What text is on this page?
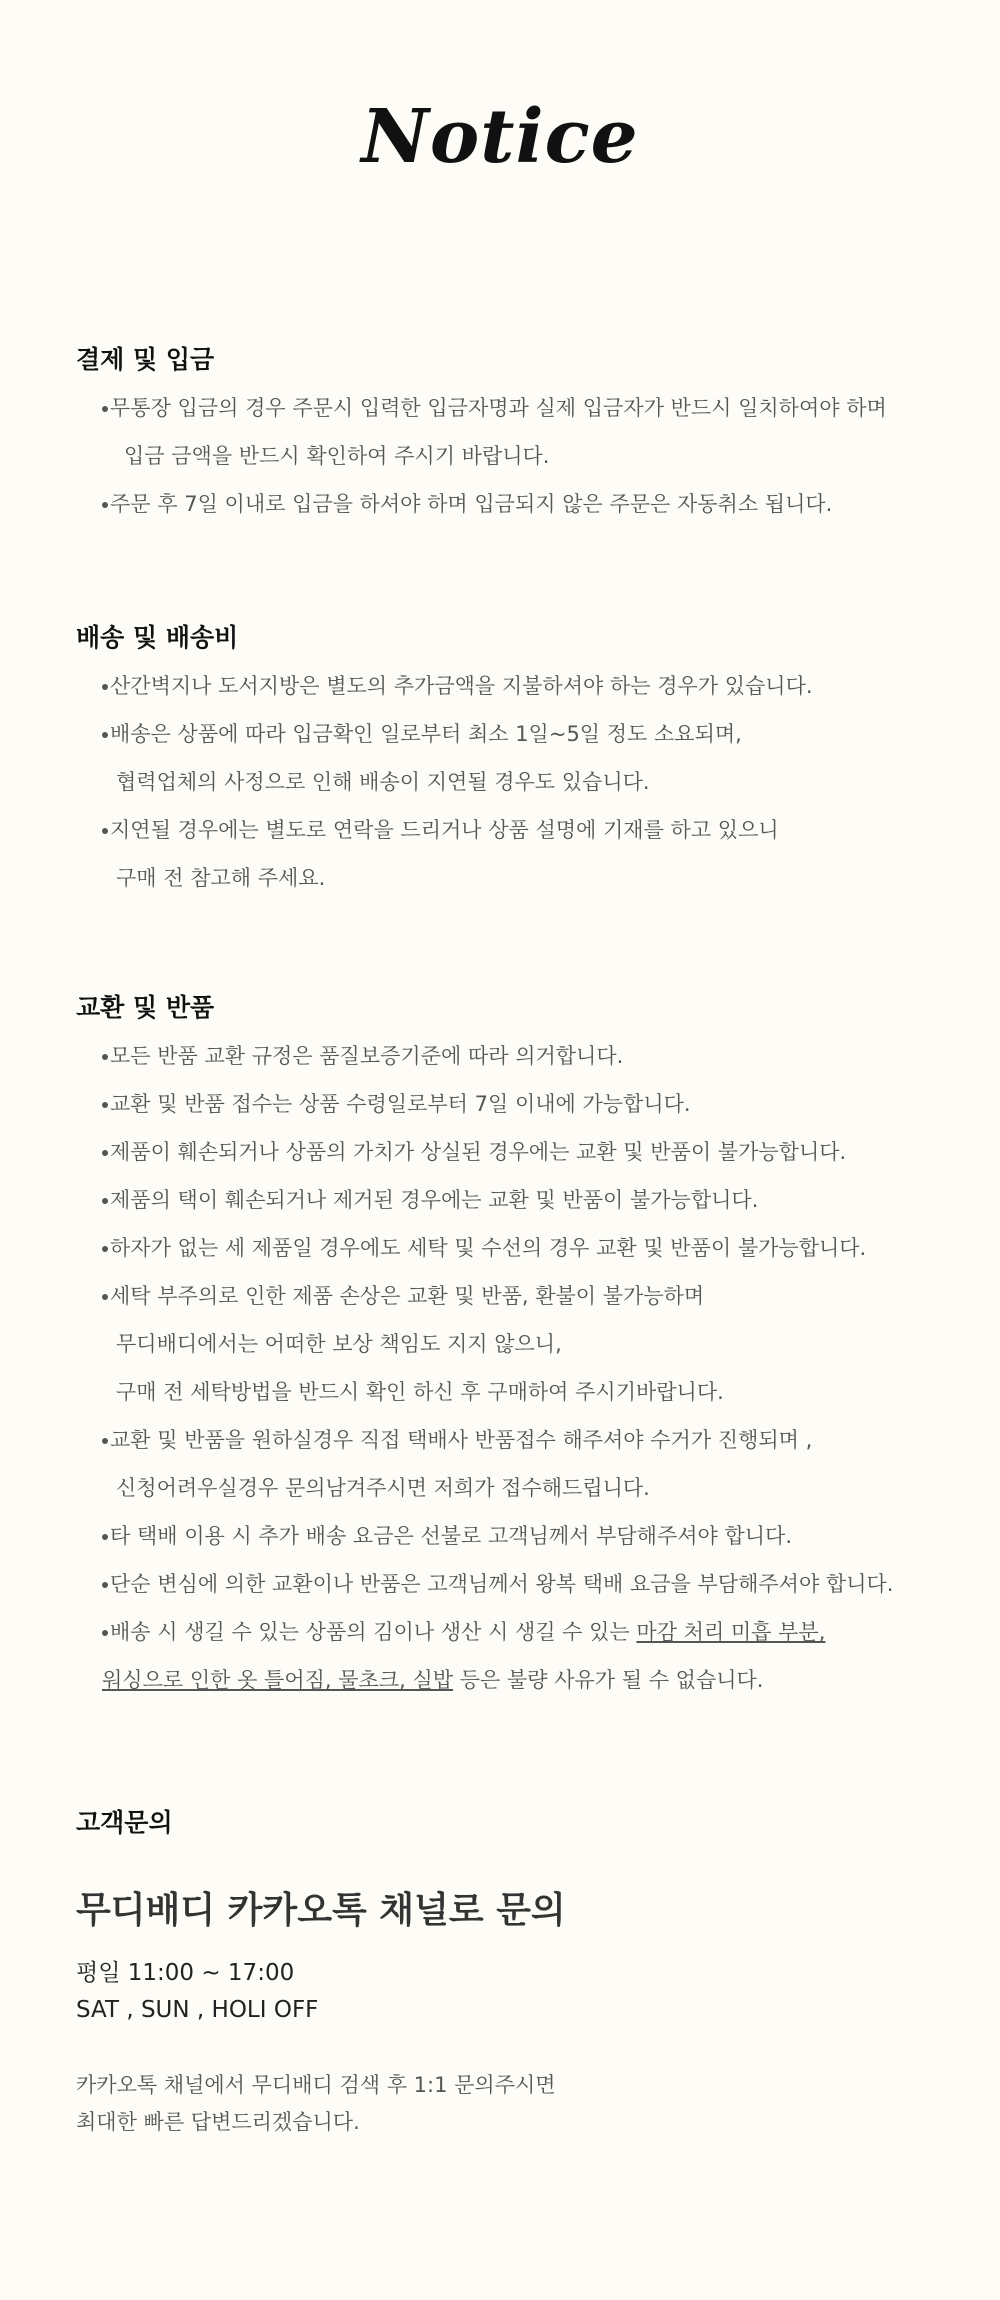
Notice
결제 및 입금
무통장 입금의 경우 주문시 입력한 입금자명과 실제 입금자가 반드시 일치하여야 하며
입금 금액을 반드시 확인하여 주시기 바랍니다.
주문 후 7일 이내로 입금을 하셔야 하며 입금되지 않은 주문은 자동취소 됩니다.
배송 및 배송비
산간벽지나 도서지방은 별도의 추가금액을 지불하셔야 하는 경우가 있습니다.
배송은 상품에 따라 입금확인 일로부터 최소 1일~5일 정도 소요되며,
협력업체의 사정으로 인해 배송이 지연될 경우도 있습니다.
지연될 경우에는 별도로 연락을 드리거나 상품 설명에 기재를 하고 있으니
구매 전 참고해 주세요.
교환 및 반품
모든 반품 교환 규정은 품질보증기준에 따라 의거합니다.
교환 및 반품 접수는 상품 수령일로부터 7일 이내에 가능합니다.
제품이 훼손되거나 상품의 가치가 상실된 경우에는 교환 및 반품이 불가능합니다.
제품의 택이 훼손되거나 제거된 경우에는 교환 및 반품이 불가능합니다.
하자가 없는 세 제품일 경우에도 세탁 및 수선의 경우 교환 및 반품이 불가능합니다.
세탁 부주의로 인한 제품 손상은 교환 및 반품, 환불이 불가능하며
무디배디에서는 어떠한 보상 책임도 지지 않으니,
구매 전 세탁방법을 반드시 확인 하신 후 구매하여 주시기바랍니다.
교환 및 반품을 원하실경우 직접 택배사 반품접수 해주셔야 수거가 진행되며 ,
신청어려우실경우 문의남겨주시면 저희가 접수해드립니다.
타 택배 이용 시 추가 배송 요금은 선불로 고객님께서 부담해주셔야 합니다.
단순 변심에 의한 교환이나 반품은 고객님께서 왕복 택배 요금을 부담해주셔야 합니다.
배송 시 생길 수 있는 상품의 김이나 생산 시 생길 수 있는 마감 처리 미흡 부분,
워싱으로 인한 옷 틀어짐, 물초크, 실밥 등은 불량 사유가 될 수 없습니다.
고객문의
무디배디 카카오톡 채널로 문의
평일 11:00 ~ 17:00
SAT , SUN , HOLI OFF
카카오톡 채널에서 무디배디 검색 후 1:1 문의주시면
최대한 빠른 답변드리겠습니다.
